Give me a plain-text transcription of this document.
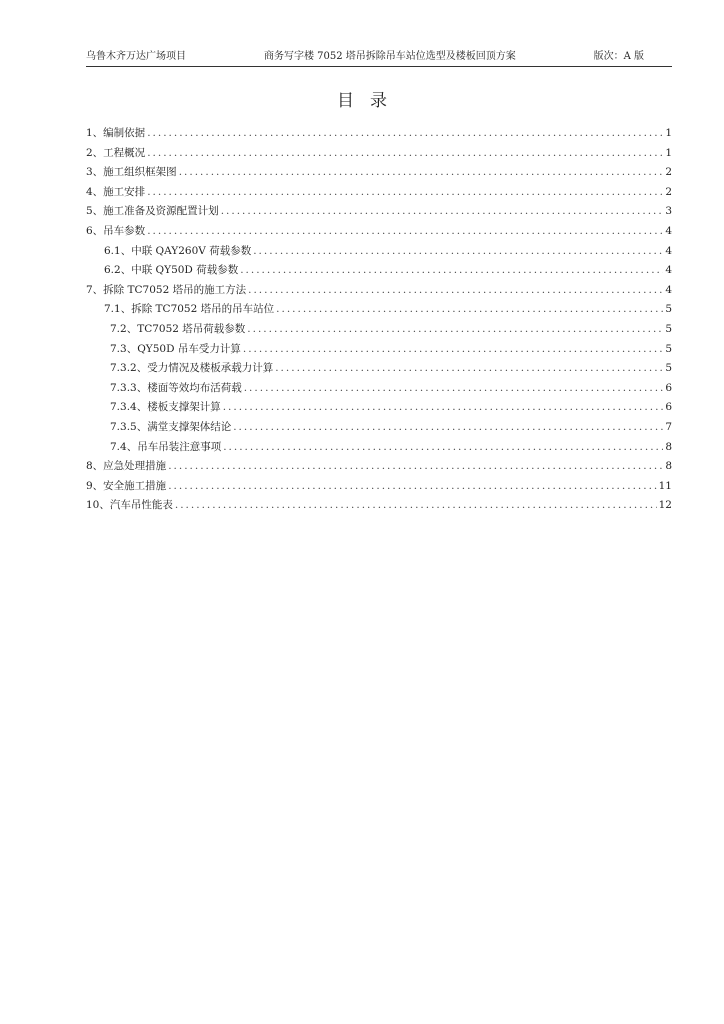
乌鲁木齐万达广场项目	商务写字楼 7052 塔吊拆除吊车站位选型及楼板回顶方案	版次：A 版
目录
1、编制依据 .....	1
2、工程概况 .....	1
3、施工组织框架图 .....	2
4、施工安排 .....	2
5、施工准备及资源配置计划 .....	3
6、吊车参数 .....	4
6.1、中联 QAY260V 荷载参数 .....	4
6.2、中联 QY50D 荷载参数 .....	4
7、拆除 TC7052 塔吊的施工方法 .....	4
7.1、拆除 TC7052 塔吊的吊车站位 .....	5
7.2、TC7052 塔吊荷载参数 .....	5
7.3、QY50D 吊车受力计算 .....	5
7.3.2、受力情况及楼板承载力计算 .....	5
7.3.3、楼面等效均布活荷载 .....	6
7.3.4、楼板支撑架计算 .....	6
7.3.5、满堂支撑架体结论 .....	7
7.4、吊车吊装注意事项 .....	8
8、应急处理措施 .....	8
9、安全施工措施 .....	11
10、汽车吊性能表 .....	12
